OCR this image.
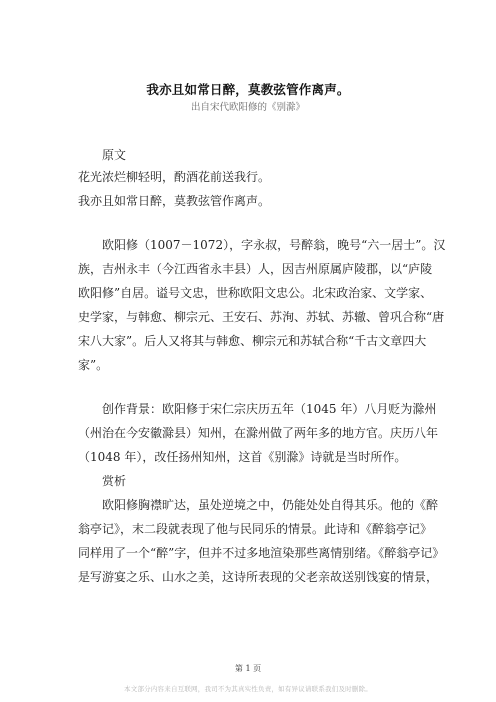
我亦且如常日醉，莫教弦管作离声。
出自宋代欧阳修的《别滁》
原文
花光浓烂柳轻明，酌酒花前送我行。
我亦且如常日醉，莫教弦管作离声。
欧阳修（1007－1072），字永叔，号醉翁，晚号“六一居士”。汉
族，吉州永丰（今江西省永丰县）人，因吉州原属庐陵郡，以“庐陵
欧阳修”自居。谥号文忠，世称欧阳文忠公。北宋政治家、文学家、
史学家，与韩愈、柳宗元、王安石、苏洵、苏轼、苏辙、曾巩合称“唐
宋八大家”。后人又将其与韩愈、柳宗元和苏轼合称“千古文章四大
家”。
创作背景：欧阳修于宋仁宗庆历五年（1045 年）八月贬为滁州
（州治在今安徽滁县）知州，在滁州做了两年多的地方官。庆历八年
（1048 年），改任扬州知州，这首《别滁》诗就是当时所作。
赏析
欧阳修胸襟旷达，虽处逆境之中，仍能处处自得其乐。他的《醉
翁亭记》，末二段就表现了他与民同乐的情景。此诗和《醉翁亭记》
同样用了一个“醉”字，但并不过多地渲染那些离情别绪。《醉翁亭记》
是写游宴之乐、山水之美，这诗所表现的父老亲故送别饯宴的情景，
第 1 页
本文部分内容来自互联网，我司不为其真实性负责，如有异议请联系我们及时删除。
